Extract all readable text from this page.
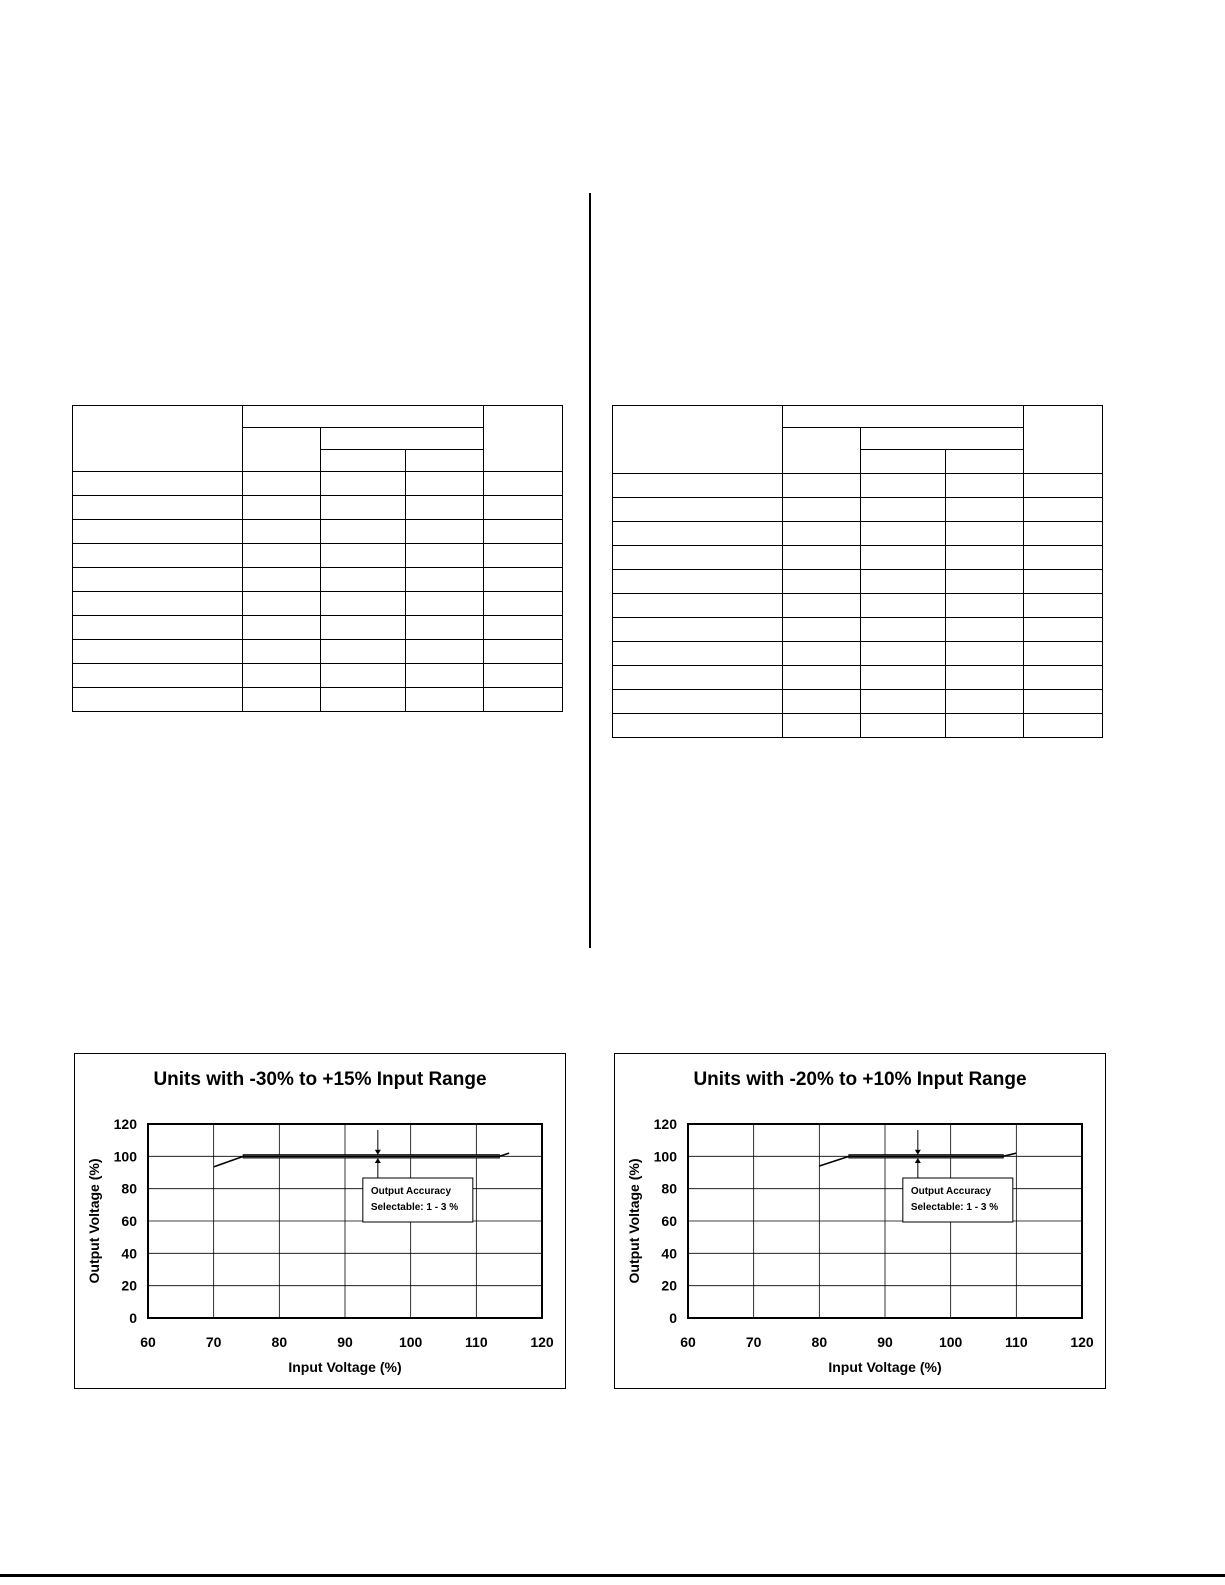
Units with -30% to +15% Input Range
60	70	80	90	100	110	120
0
20
40
60
80
100
120
Input Voltage (%)
Output Voltage (%)	Output Accuracy
Selectable: 1 - 3 %
Units with -20% to +10% Input Range
60	70	80	90	100	110	120
0
20
40
60
80
100
120
Input Voltage (%)
Output Voltage (%)	Output Accuracy
Selectable: 1 - 3 %
